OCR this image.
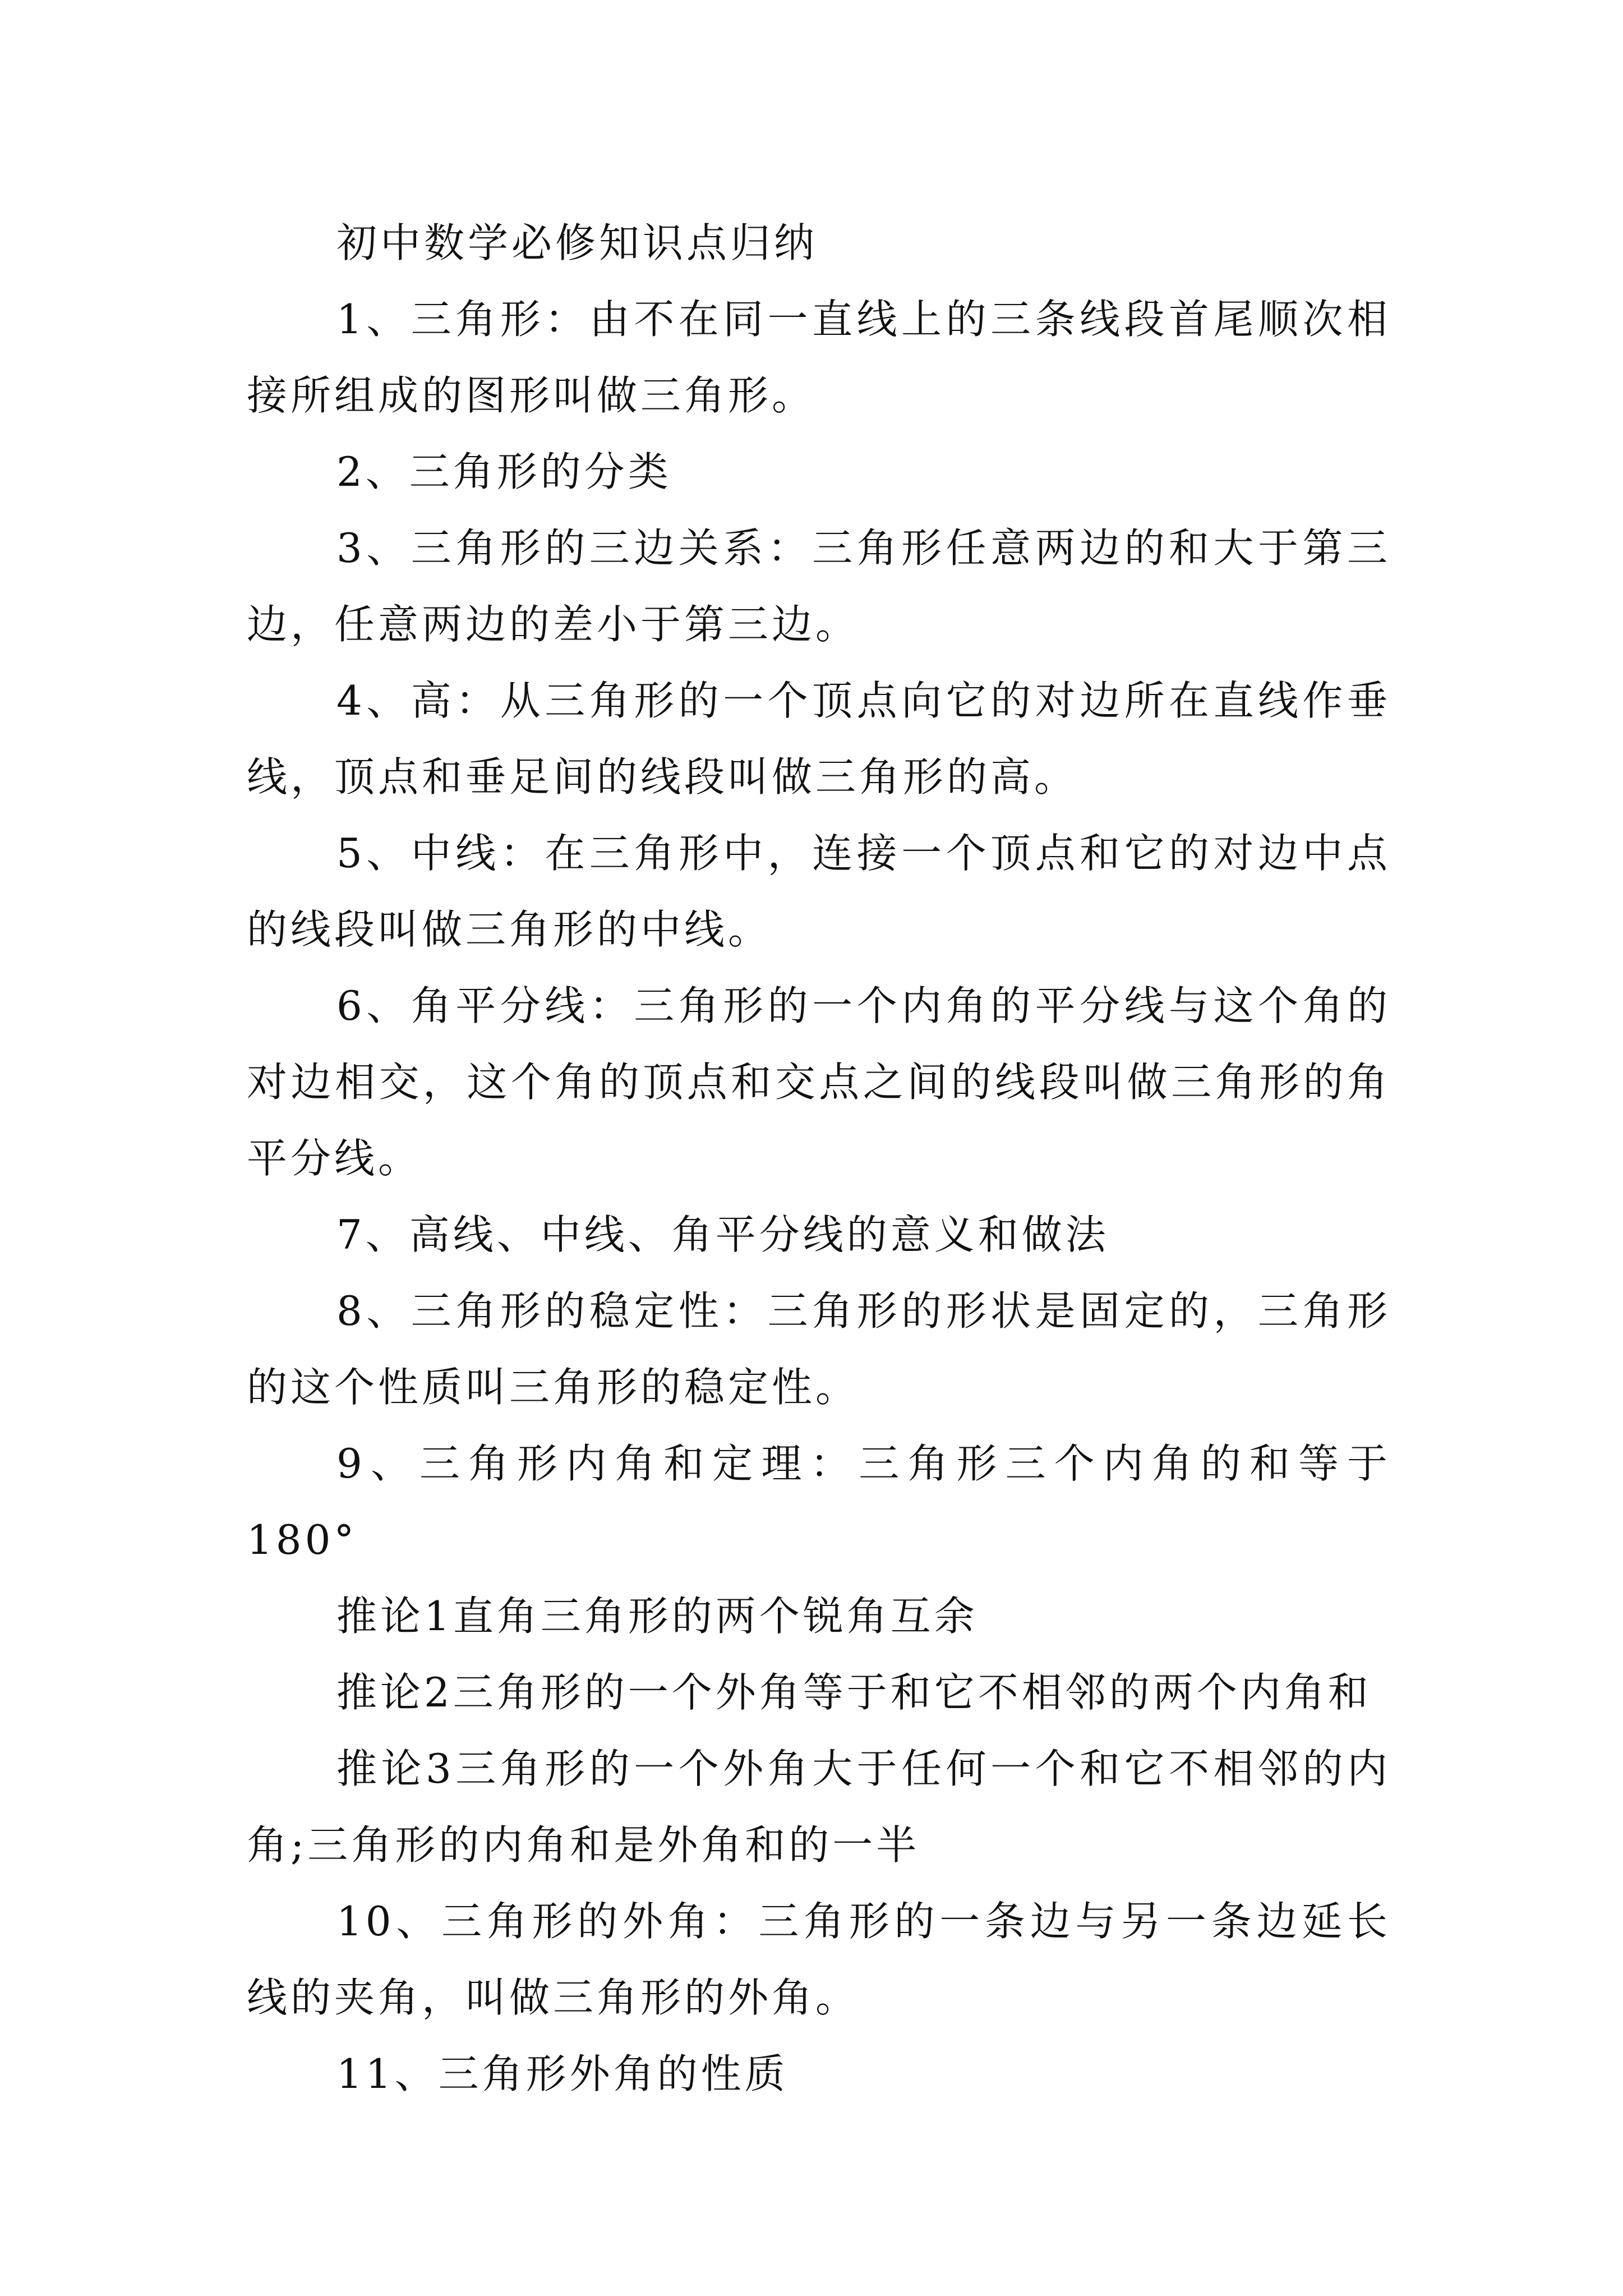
初中数学必修知识点归纳

1、三角形：由不在同一直线上的三条线段首尾顺次相接所组成的图形叫做三角形。

2、三角形的分类

3、三角形的三边关系：三角形任意两边的和大于第三边，任意两边的差小于第三边。

4、高：从三角形的一个顶点向它的对边所在直线作垂线，顶点和垂足间的线段叫做三角形的高。

5、中线：在三角形中，连接一个顶点和它的对边中点的线段叫做三角形的中线。

6、角平分线：三角形的一个内角的平分线与这个角的对边相交，这个角的顶点和交点之间的线段叫做三角形的角平分线。

7、高线、中线、角平分线的意义和做法

8、三角形的稳定性：三角形的形状是固定的，三角形的这个性质叫三角形的稳定性。

9、三角形内角和定理：三角形三个内角的和等于180°

推论1直角三角形的两个锐角互余

推论2三角形的一个外角等于和它不相邻的两个内角和

推论3三角形的一个外角大于任何一个和它不相邻的内角;三角形的内角和是外角和的一半

10、三角形的外角：三角形的一条边与另一条边延长线的夹角，叫做三角形的外角。

11、三角形外角的性质
